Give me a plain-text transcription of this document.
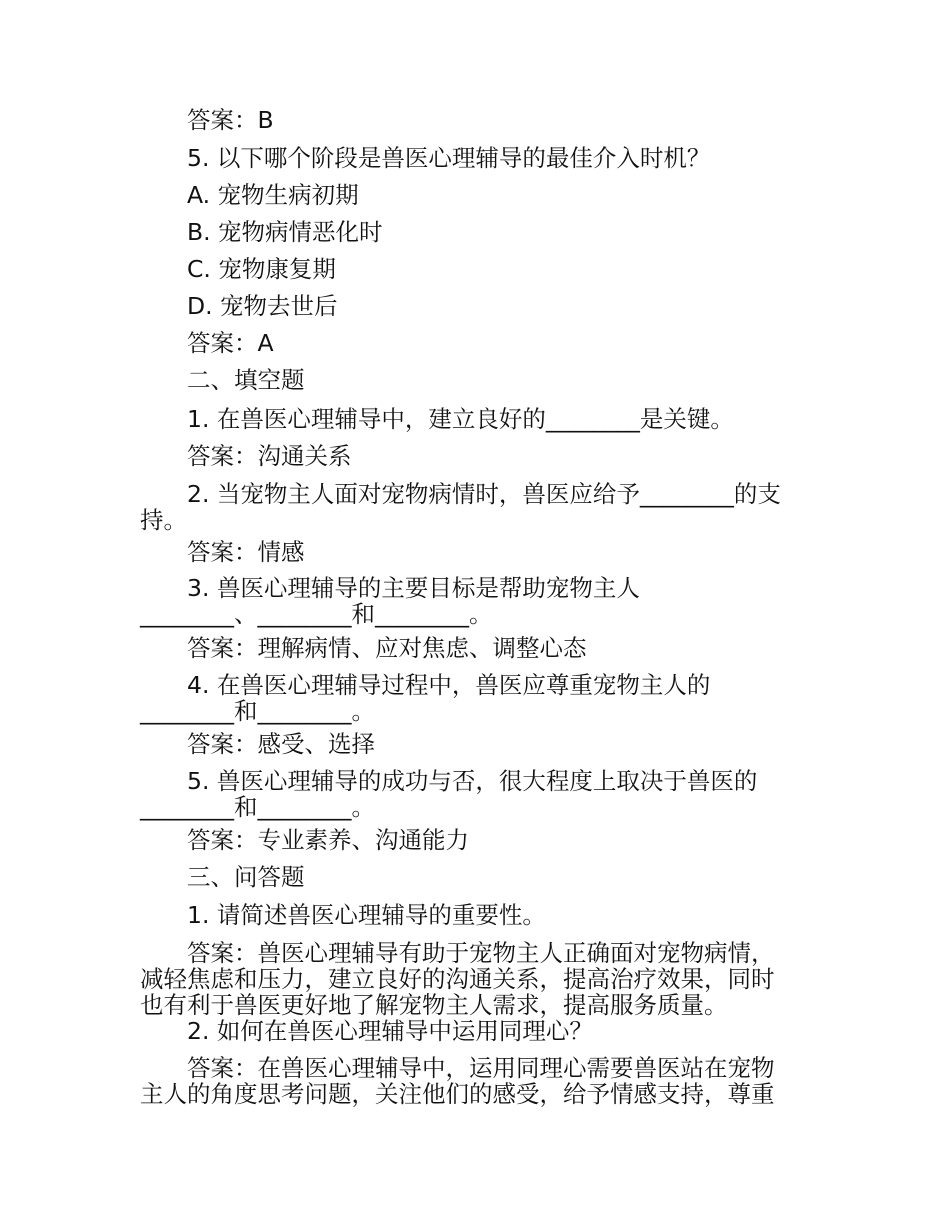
答案：B

5. 以下哪个阶段是兽医心理辅导的最佳介入时机？

A. 宠物生病初期

B. 宠物病情恶化时

C. 宠物康复期

D. 宠物去世后

答案：A

二、填空题

1. 在兽医心理辅导中，建立良好的________是关键。

答案：沟通关系

2. 当宠物主人面对宠物病情时，兽医应给予________的支
持。

答案：情感

3. 兽医心理辅导的主要目标是帮助宠物主人
________、________和________。

答案：理解病情、应对焦虑、调整心态

4. 在兽医心理辅导过程中，兽医应尊重宠物主人的
________和________。

答案：感受、选择

5. 兽医心理辅导的成功与否，很大程度上取决于兽医的
________和________。

答案：专业素养、沟通能力

三、问答题

1. 请简述兽医心理辅导的重要性。

答案：兽医心理辅导有助于宠物主人正确面对宠物病情，
减轻焦虑和压力，建立良好的沟通关系，提高治疗效果，同时
也有利于兽医更好地了解宠物主人需求，提高服务质量。

2. 如何在兽医心理辅导中运用同理心？

答案：在兽医心理辅导中，运用同理心需要兽医站在宠物
主人的角度思考问题，关注他们的感受，给予情感支持，尊重
